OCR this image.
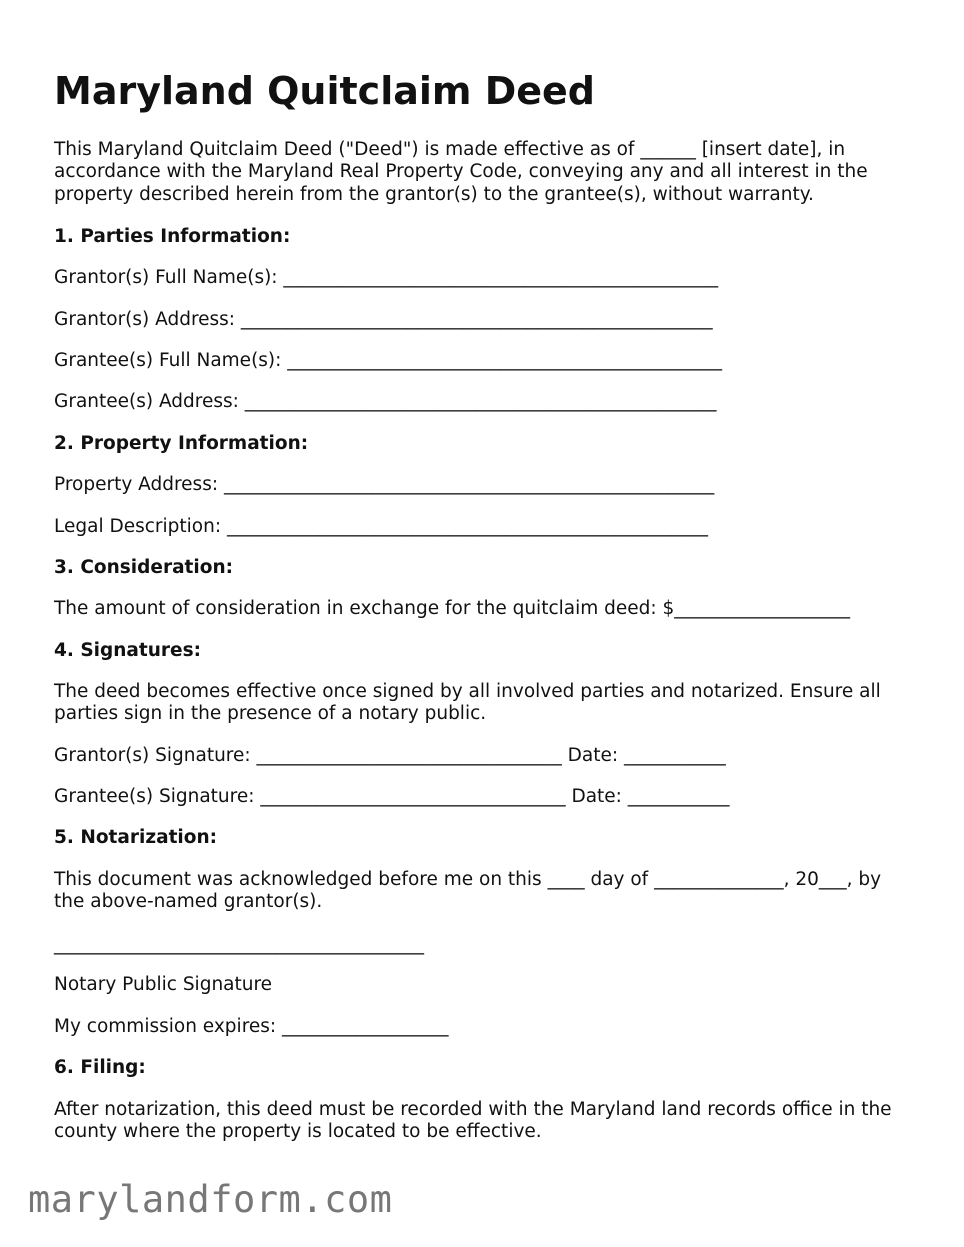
Maryland Quitclaim Deed

This Maryland Quitclaim Deed ("Deed") is made effective as of ______ [insert date], in accordance with the Maryland Real Property Code, conveying any and all interest in the property described herein from the grantor(s) to the grantee(s), without warranty.

1. Parties Information:

Grantor(s) Full Name(s): _______________________________________________

Grantor(s) Address: ___________________________________________________

Grantee(s) Full Name(s): _______________________________________________

Grantee(s) Address: ___________________________________________________

2. Property Information:

Property Address: _____________________________________________________

Legal Description: ____________________________________________________

3. Consideration:

The amount of consideration in exchange for the quitclaim deed: $___________________

4. Signatures:

The deed becomes effective once signed by all involved parties and notarized. Ensure all parties sign in the presence of a notary public.

Grantor(s) Signature: _________________________________ Date: ___________

Grantee(s) Signature: _________________________________ Date: ___________

5. Notarization:

This document was acknowledged before me on this ____ day of ______________, 20___, by the above-named grantor(s).

________________________________________

Notary Public Signature

My commission expires: __________________

6. Filing:

After notarization, this deed must be recorded with the Maryland land records office in the county where the property is located to be effective.

marylandform.com
